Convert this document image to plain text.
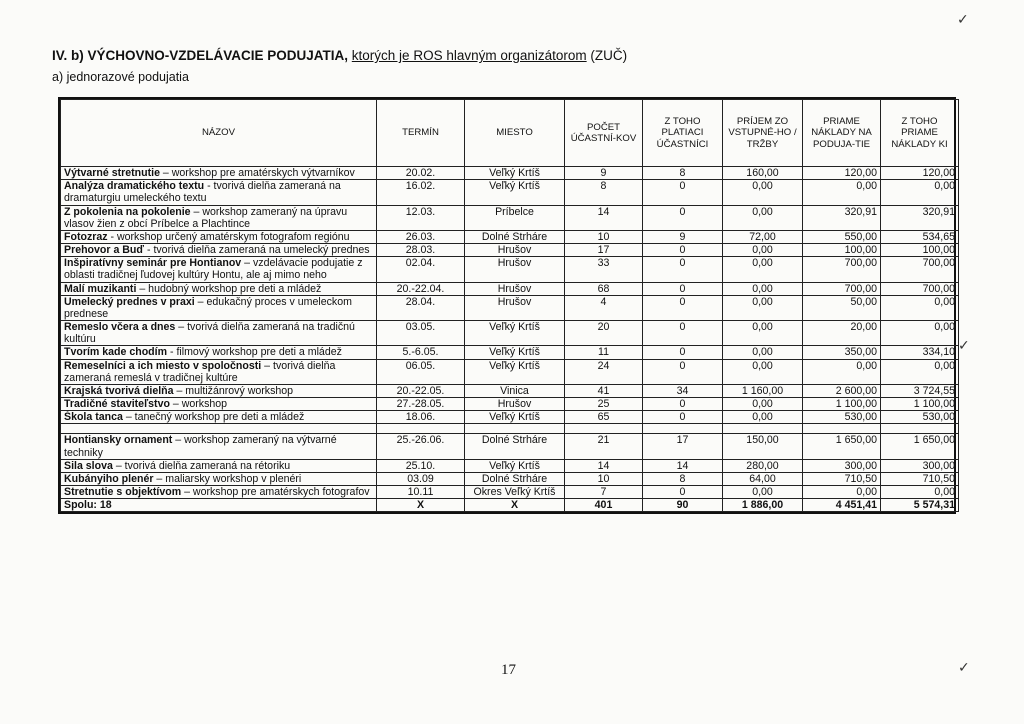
IV. b) VÝCHOVNO-VZDELÁVACIE PODUJATIA, ktorých je ROS hlavným organizátorom (ZUČ)
a) jednorazové podujatia
NÁZOV	TERMÍN	MIESTO	POČET ÚČASTNÍ-KOV	Z TOHO PLATIACI ÚČASTNÍCI	PRÍJEM ZO VSTUPNÉ-HO / TRŽBY	PRIAME NÁKLADY NA PODUJA-TIE	Z TOHO PRIAME NÁKLADY KI
Výtvarné stretnutie – workshop pre amatérskych výtvarníkov	20.02.	Veľký Krtíš	9	8	160,00	120,00	120,00
Analýza dramatického textu - tvorivá dielňa zameraná na dramaturgiu umeleckého textu	16.02.	Veľký Krtíš	8	0	0,00	0,00	0,00
Z pokolenia na pokolenie – workshop zameraný na úpravu vlasov žien z obcí Príbelce a Plachtince	12.03.	Príbelce	14	0	0,00	320,91	320,91
Fotozraz - workshop určený amatérskym fotografom regiónu	26.03.	Dolné Strháre	10	9	72,00	550,00	534,65
Prehovor a Buď - tvorivá dielňa zameraná na umelecký prednes	28.03.	Hrušov	17	0	0,00	100,00	100,00
Inšpiratívny seminár pre Hontianov – vzdelávacie podujatie z oblasti tradičnej ľudovej kultúry Hontu, ale aj mimo neho	02.04.	Hrušov	33	0	0,00	700,00	700,00
Malí muzikanti – hudobný workshop pre deti a mládež	20.-22.04.	Hrušov	68	0	0,00	700,00	700,00
Umelecký prednes v praxi – edukačný proces v umeleckom prednese	28.04.	Hrušov	4	0	0,00	50,00	0,00
Remeslo včera a dnes – tvorivá dielňa zameraná na tradičnú kultúru	03.05.	Veľký Krtíš	20	0	0,00	20,00	0,00
Tvorím kade chodím - filmový workshop pre deti a mládež	5.-6.05.	Veľký Krtíš	11	0	0,00	350,00	334,10
Remeselníci a ich miesto v spoločnosti – tvorivá dielňa zameraná remeslá v tradičnej kultúre	06.05.	Veľký Krtíš	24	0	0,00	0,00	0,00
Krajská tvorivá dielňa – multižánrový workshop	20.-22.05.	Vinica	41	34	1 160,00	2 600,00	3 724,55
Tradičné staviteľstvo – workshop	27.-28.05.	Hrušov	25	0	0,00	1 100,00	1 100,00
Škola tanca – tanečný workshop pre deti a mládež	18.06.	Veľký Krtíš	65	0	0,00	530,00	530,00

Hontiansky ornament – workshop zameraný na výtvarné techniky	25.-26.06.	Dolné Strháre	21	17	150,00	1 650,00	1 650,00
Sila slova – tvorivá dielňa zameraná na rétoriku	25.10.	Veľký Krtíš	14	14	280,00	300,00	300,00
Kubányiho plenér – maliarsky workshop v plenéri	03.09	Dolné Strháre	10	8	64,00	710,50	710,50
Stretnutie s objektívom – workshop pre amatérskych fotografov	10.11	Okres Veľký Krtíš	7	0	0,00	0,00	0,00
Spolu: 18	X	X	401	90	1 886,00	4 451,41	5 574,31
17
✓
✓
✓
